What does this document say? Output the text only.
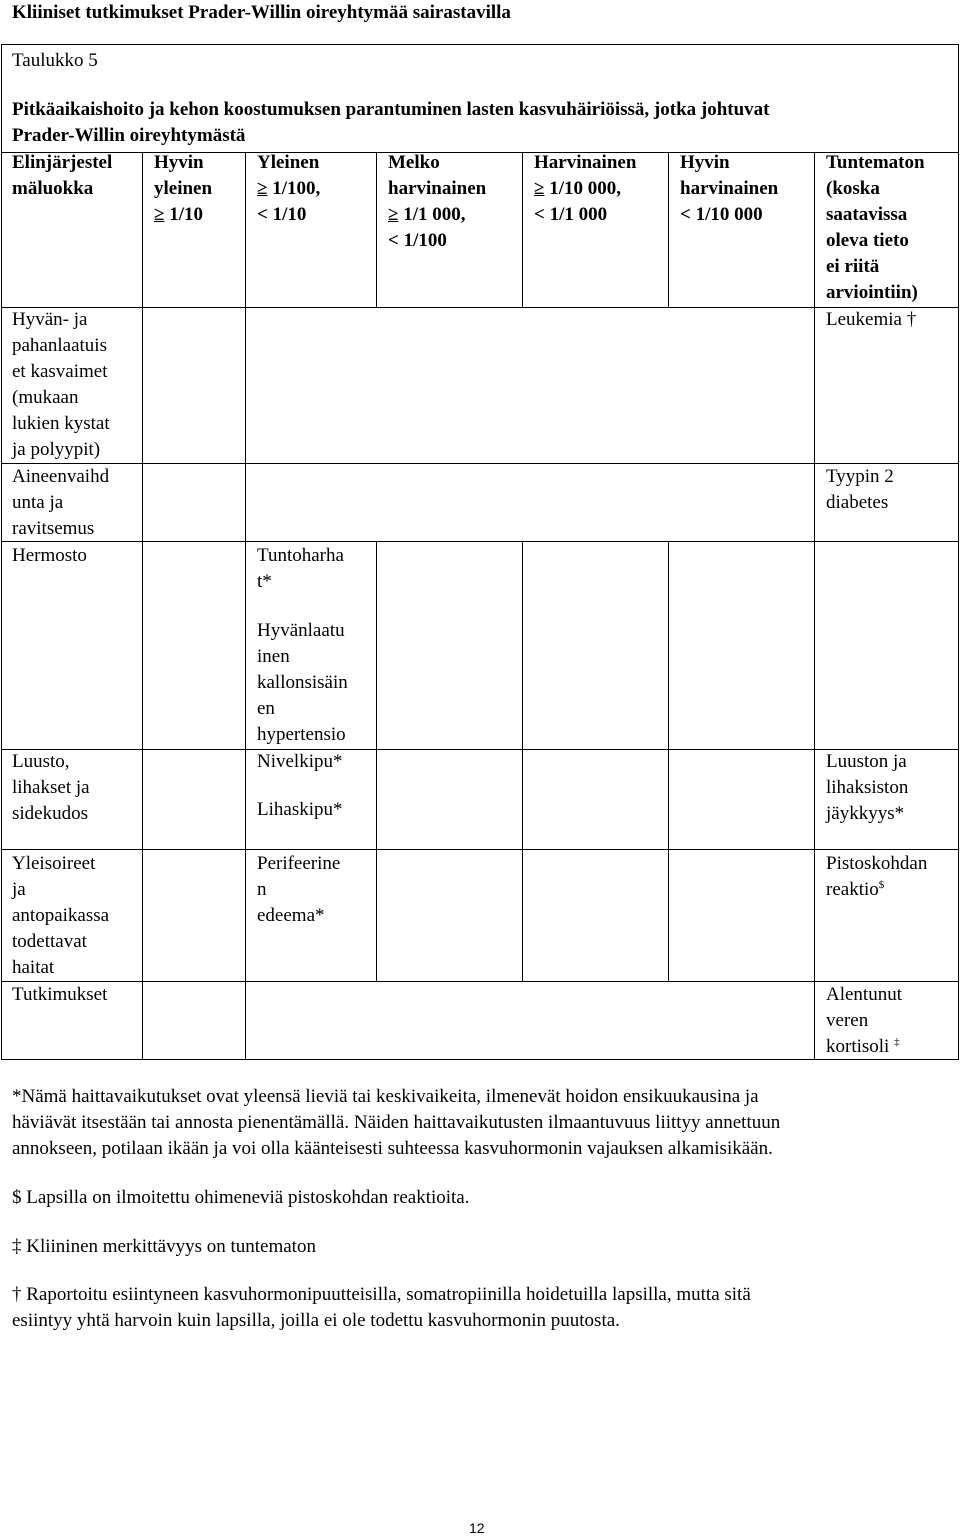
Kliiniset tutkimukset Prader-Willin oireyhtymää sairastavilla
Taulukko 5
Pitkäaikaishoito ja kehon koostumuksen parantuminen lasten kasvuhäiriöissä, jotka johtuvat
Prader-Willin oireyhtymästä
Elinjärjestel
mäluokka
Hyvin
yleinen
≥ 1/10
Yleinen
≥ 1/100,
< 1/10
Melko
harvinainen
≥ 1/1 000,
< 1/100
Harvinainen
≥ 1/10 000,
< 1/1 000
Hyvin
harvinainen
< 1/10 000
Tuntematon
(koska
saatavissa
oleva tieto
ei riitä
arviointiin)
Hyvän- ja
pahanlaatuis
et kasvaimet
(mukaan
lukien kystat
ja polyypit)
Leukemia †
Aineenvaihd
unta ja
ravitsemus
Tyypin 2
diabetes
Hermosto	Tuntoharha
t*
Hyvänlaatu
inen
kallonsisäin
en
hypertensio
Luusto,
lihakset ja
sidekudos
Nivelkipu*
Lihaskipu*
Luuston ja
lihaksiston
jäykkyys*
Yleisoireet
ja
antopaikassa
todettavat
haitat
Perifeerine
n
edeema*
Pistoskohdan
reaktio$
Tutkimukset	Alentunut
veren
kortisoli ‡
*Nämä haittavaikutukset ovat yleensä lieviä tai keskivaikeita, ilmenevät hoidon ensikuukausina ja
häviävät itsestään tai annosta pienentämällä. Näiden haittavaikutusten ilmaantuvuus liittyy annettuun
annokseen, potilaan ikään ja voi olla käänteisesti suhteessa kasvuhormonin vajauksen alkamisikään.
$ Lapsilla on ilmoitettu ohimeneviä pistoskohdan reaktioita.
‡ Kliininen merkittävyys on tuntematon
† Raportoitu esiintyneen kasvuhormonipuutteisilla, somatropiinilla hoidetuilla lapsilla, mutta sitä
esiintyy yhtä harvoin kuin lapsilla, joilla ei ole todettu kasvuhormonin puutosta.
12
